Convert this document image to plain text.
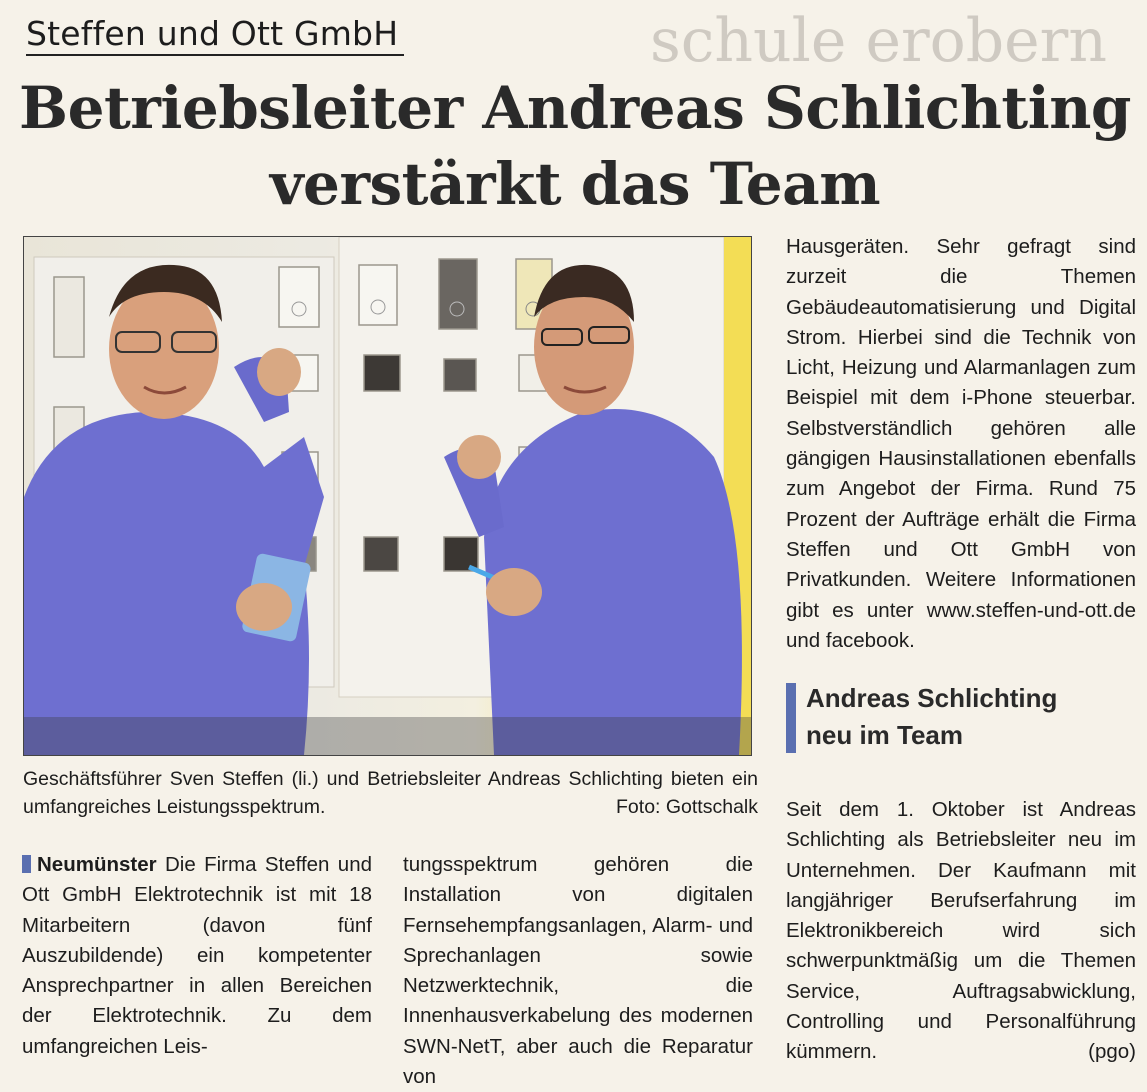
schule erobern
Steffen und Ott GmbH
Betriebsleiter Andreas Schlichting
verstärkt das Team
Geschäftsführer Sven Steffen (li.) und Betriebsleiter Andreas Schlichting bieten ein umfangreiches Leistungsspektrum.	Foto: Gottschalk
Neumünster Die Firma Steffen und Ott GmbH Elektrotechnik ist mit 18 Mitarbeitern (davon fünf Auszubildende) ein kompetenter Ansprechpartner in allen Bereichen der Elektrotechnik. Zu dem umfangreichen Leis-
tungsspektrum gehören die Installation von digitalen Fernsehempfangsanlagen, Alarm- und Sprechanlagen sowie Netzwerktechnik, die Innenhausverkabelung des modernen SWN-NetT, aber auch die Reparatur von
Hausgeräten. Sehr gefragt sind zurzeit die Themen Gebäudeautomatisierung und Digital Strom. Hierbei sind die Technik von Licht, Heizung und Alarmanlagen zum Beispiel mit dem i-Phone steuerbar. Selbstverständlich gehören alle gängigen Hausinstallationen ebenfalls zum Angebot der Firma. Rund 75 Prozent der Aufträge erhält die Firma Steffen und Ott GmbH von Privatkunden. Weitere Informationen gibt es unter www.steffen-und-ott.de und facebook.
Andreas Schlichting
neu im Team
Seit dem 1. Oktober ist Andreas Schlichting als Betriebsleiter neu im Unternehmen. Der Kaufmann mit langjähriger Berufserfahrung im Elektronikbereich wird sich schwerpunktmäßig um die Themen Service, Auftragsabwicklung, Controlling und Personalführung kümmern.	(pgo)
